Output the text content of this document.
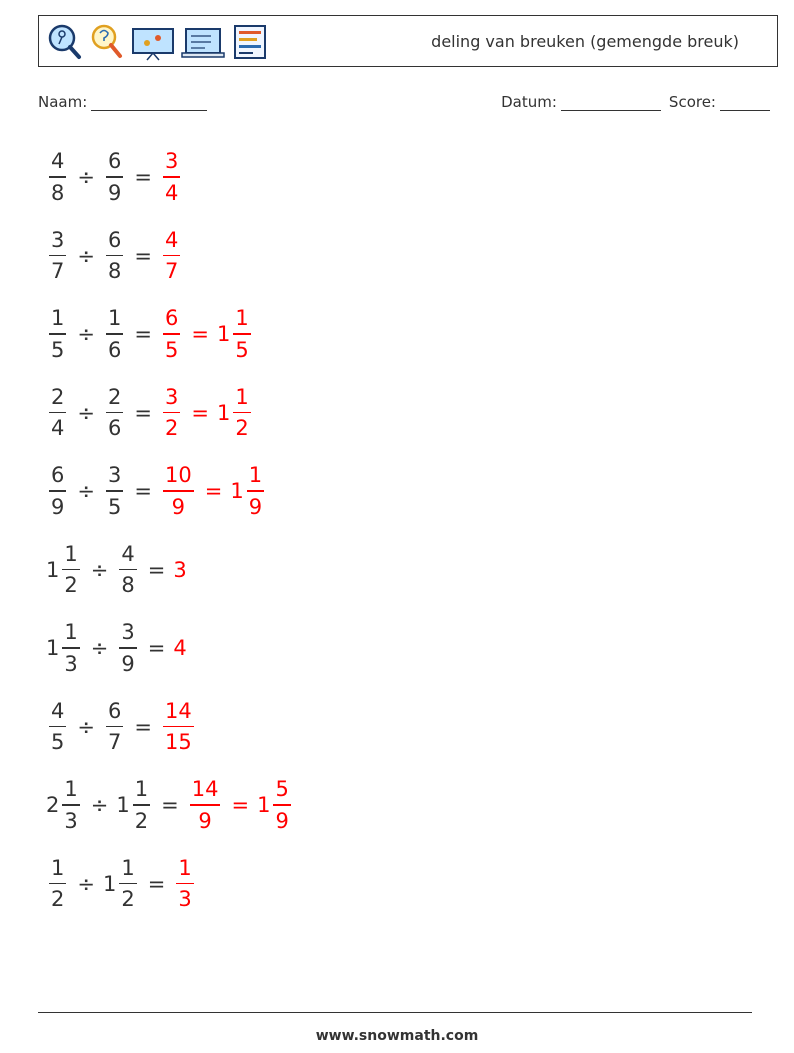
deling van breuken (gemengde breuk)
Naam:	Datum:	Score:
$\frac{4}{8} \div \frac{6}{9} = \frac{3}{4}$
$\frac{3}{7} \div \frac{6}{8} = \frac{4}{7}$
$\frac{1}{5} \div \frac{1}{6} = \frac{6}{5} = 1 \frac{1}{5}$
$\frac{2}{4} \div \frac{2}{6} = \frac{3}{2} = 1 \frac{1}{2}$
$\frac{6}{9} \div \frac{3}{5} = \frac{10}{9} = 1 \frac{1}{9}$
$1 \frac{1}{2} \div \frac{4}{8} = 3$
$1 \frac{1}{3} \div \frac{3}{9} = 4$
$\frac{4}{5} \div \frac{6}{7} = \frac{14}{15}$
$2 \frac{1}{3} \div 1 \frac{1}{2} = \frac{14}{9} = 1 \frac{5}{9}$
$\frac{1}{2} \div 1 \frac{1}{2} = \frac{1}{3}$
www.snowmath.com
